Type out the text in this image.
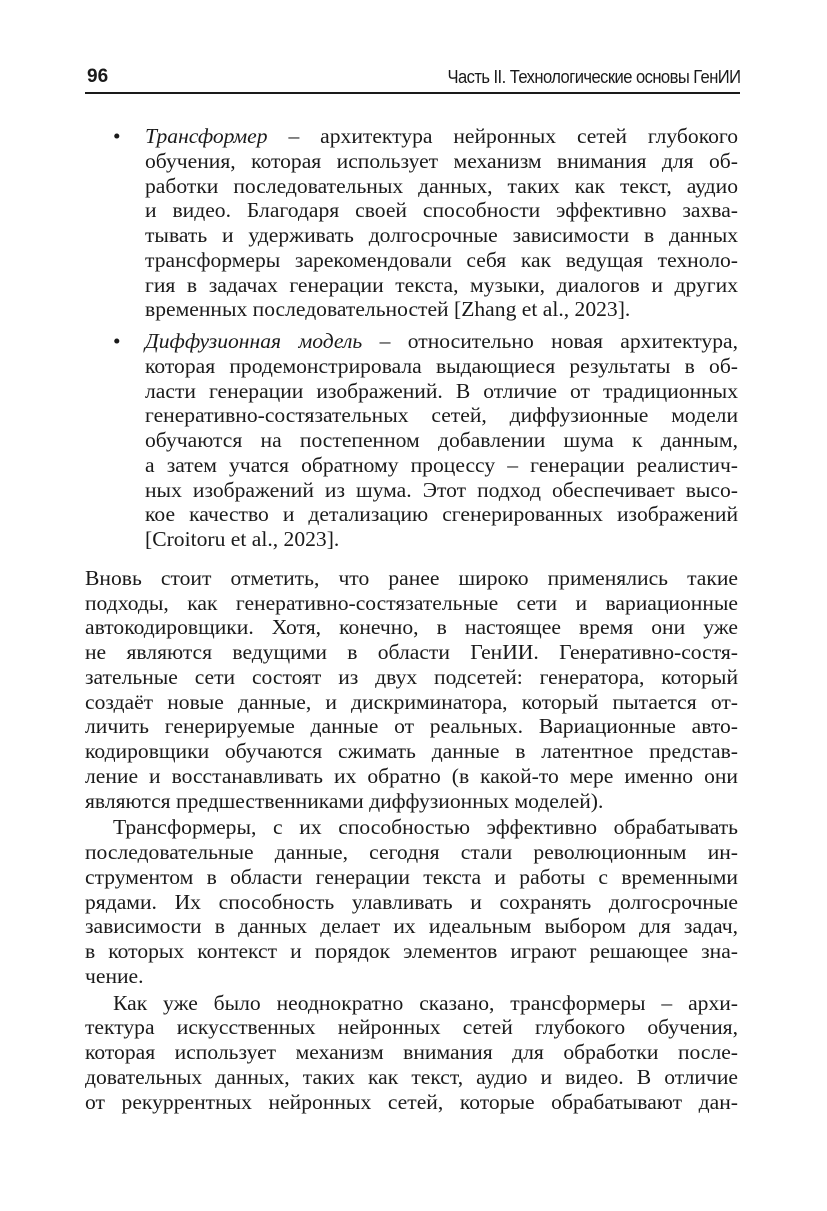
96	Часть II. Технологические основы ГенИИ
• Трансформер – архитектура нейронных сетей глубокого
обучения, которая использует механизм внимания для об-
работки последовательных данных, таких как текст, аудио
и видео. Благодаря своей способности эффективно захва-
тывать и удерживать долгосрочные зависимости в данных
трансформеры зарекомендовали себя как ведущая техноло-
гия в задачах генерации текста, музыки, диалогов и других
временных последовательностей [Zhang et al., 2023].
• Диффузионная модель – относительно новая архитектура,
которая продемонстрировала выдающиеся результаты в об-
ласти генерации изображений. В отличие от традиционных
генеративно-состязательных сетей, диффузионные модели
обучаются на постепенном добавлении шума к данным,
а затем учатся обратному процессу – генерации реалистич-
ных изображений из шума. Этот подход обеспечивает высо-
кое качество и детализацию сгенерированных изображений
[Croitoru et al., 2023].
Вновь стоит отметить, что ранее широко применялись такие
подходы, как генеративно-состязательные сети и вариационные
автокодировщики. Хотя, конечно, в настоящее время они уже
не являются ведущими в области ГенИИ. Генеративно-состя-
зательные сети состоят из двух подсетей: генератора, который
создаёт новые данные, и дискриминатора, который пытается от-
личить генерируемые данные от реальных. Вариационные авто-
кодировщики обучаются сжимать данные в латентное представ-
ление и восстанавливать их обратно (в какой-то мере именно они
являются предшественниками диффузионных моделей).
Трансформеры, с их способностью эффективно обрабатывать
последовательные данные, сегодня стали революционным ин-
струментом в области генерации текста и работы с временными
рядами. Их способность улавливать и сохранять долгосрочные
зависимости в данных делает их идеальным выбором для задач,
в которых контекст и порядок элементов играют решающее зна-
чение.
Как уже было неоднократно сказано, трансформеры – архи-
тектура искусственных нейронных сетей глубокого обучения,
которая использует механизм внимания для обработки после-
довательных данных, таких как текст, аудио и видео. В отличие
от рекуррентных нейронных сетей, которые обрабатывают дан-
